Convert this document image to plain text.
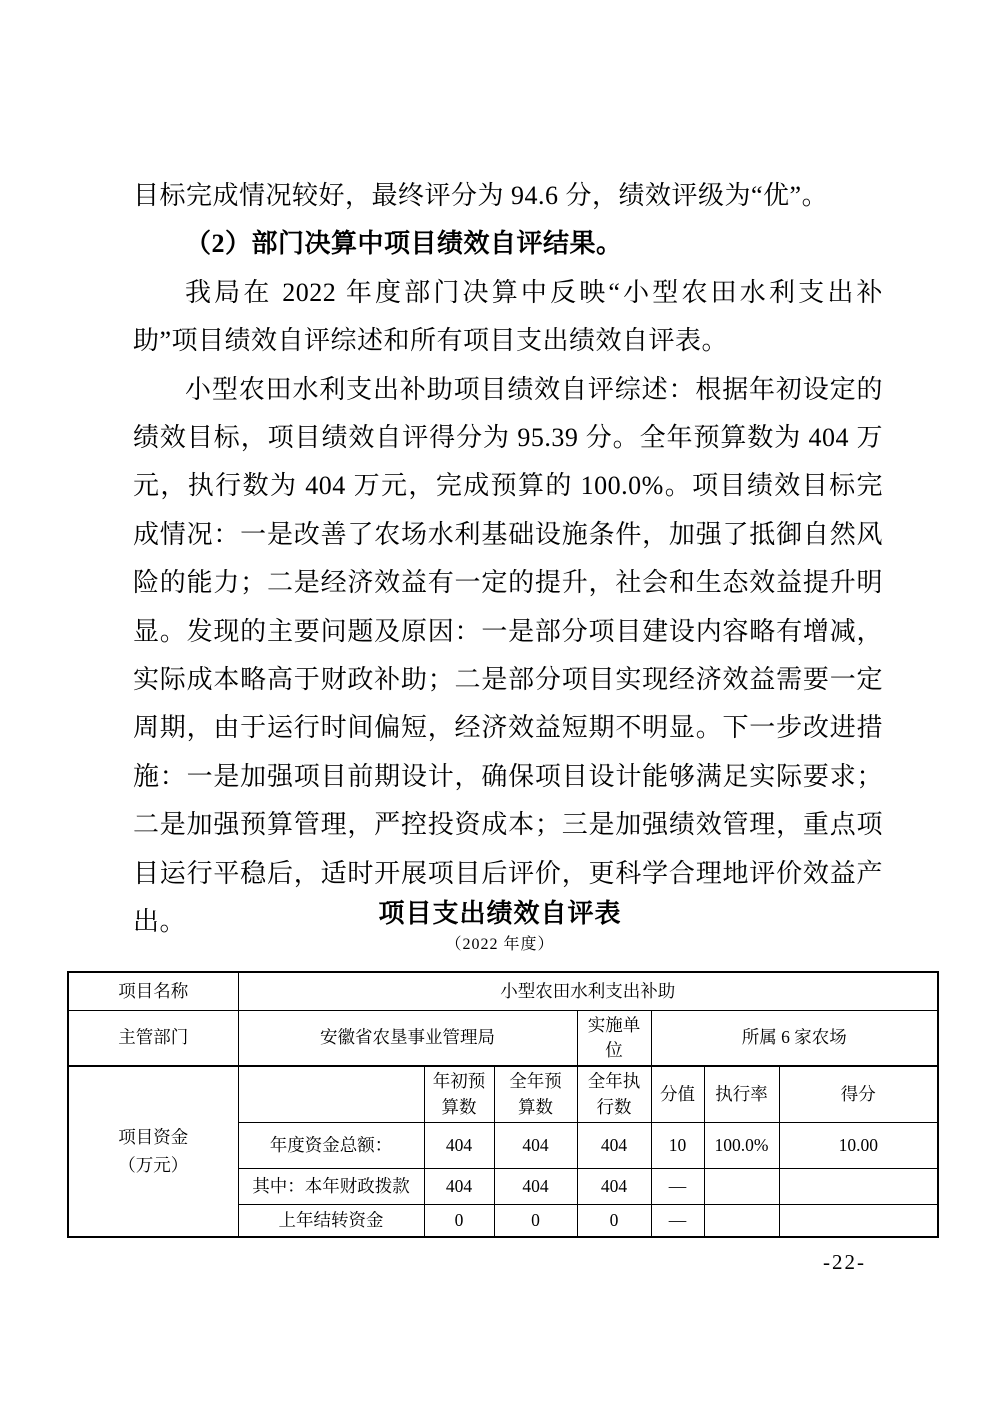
目标完成情况较好，最终评分为 94.6 分，绩效评级为“优”。

（2）部门决算中项目绩效自评结果。

我局在 2022 年度部门决算中反映“小型农田水利支出补助”项目绩效自评综述和所有项目支出绩效自评表。

小型农田水利支出补助项目绩效自评综述：根据年初设定的绩效目标，项目绩效自评得分为 95.39 分。全年预算数为 404 万元，执行数为 404 万元，完成预算的 100.0%。项目绩效目标完成情况：一是改善了农场水利基础设施条件，加强了抵御自然风险的能力；二是经济效益有一定的提升，社会和生态效益提升明显。发现的主要问题及原因：一是部分项目建设内容略有增减，实际成本略高于财政补助；二是部分项目实现经济效益需要一定周期，由于运行时间偏短，经济效益短期不明显。下一步改进措施：一是加强项目前期设计，确保项目设计能够满足实际要求；二是加强预算管理，严控投资成本；三是加强绩效管理，重点项目运行平稳后，适时开展项目后评价，更科学合理地评价效益产出。	项目支出绩效自评表
（2022 年度）
项目名称	小型农田水利支出补助						
主管部门	安徽省农垦事业管理局			实施单位	所属 6 家农场		
项目资金（万元）		年初预算数	全年预算数	全年执行数	分值	执行率	得分
	年度资金总额：	404	404	404	10	100.0%	10.00
	其中：本年财政拨款	404	404	404	—		
	上年结转资金	0	0	0	—		
-22-
